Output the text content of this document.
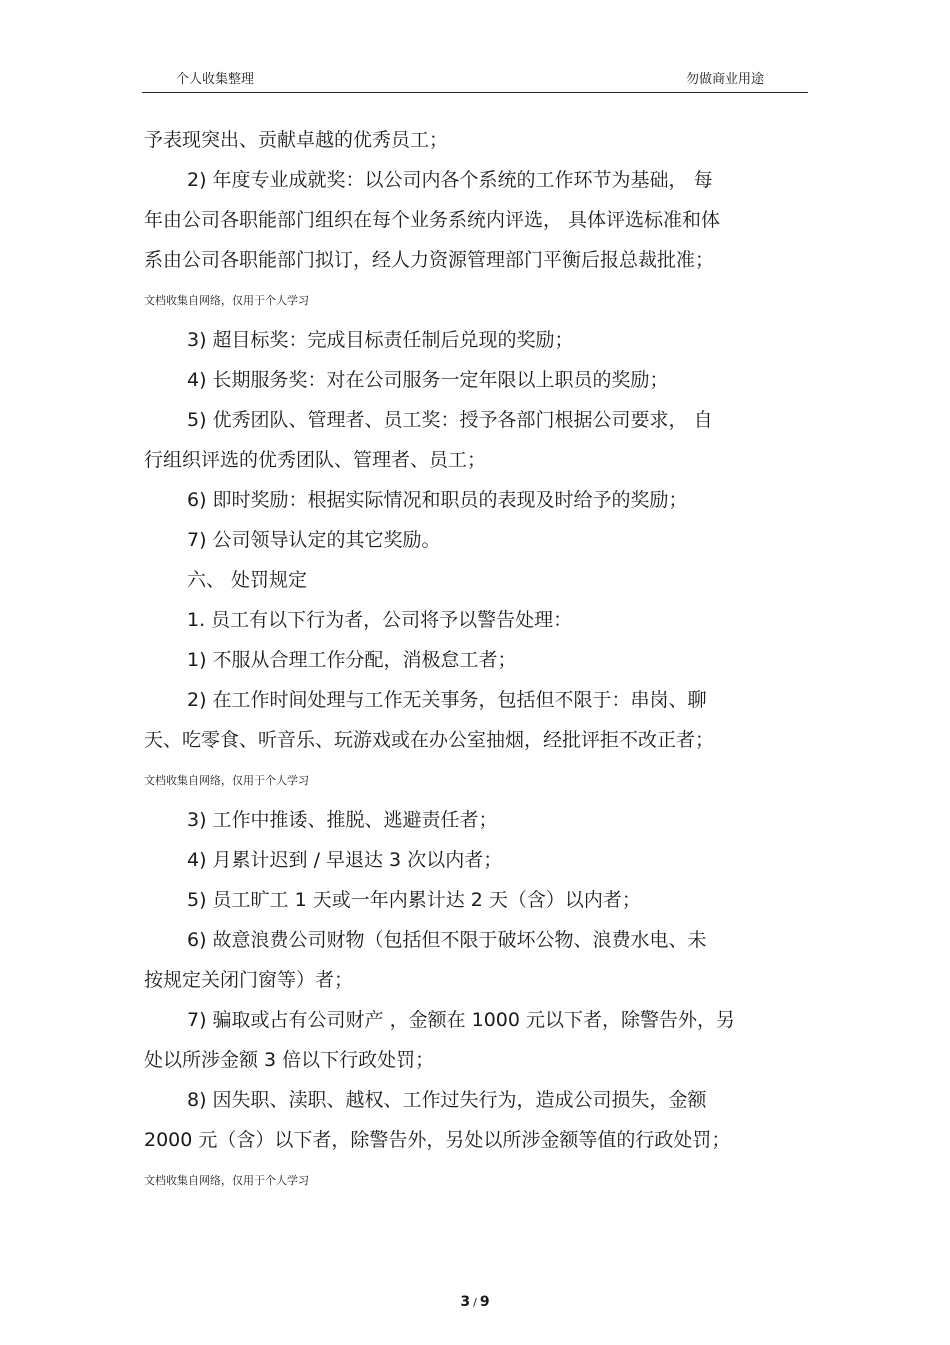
个人收集整理	勿做商业用途
予表现突出、贡献卓越的优秀员工；
2) 年度专业成就奖：以公司内各个系统的工作环节为基础， 每
年由公司各职能部门组织在每个业务系统内评选， 具体评选标准和体
系由公司各职能部门拟订，经人力资源管理部门平衡后报总裁批准；
文档收集自网络，仅用于个人学习
3) 超目标奖：完成目标责任制后兑现的奖励；
4) 长期服务奖：对在公司服务一定年限以上职员的奖励；
5) 优秀团队、管理者、员工奖：授予各部门根据公司要求， 自
行组织评选的优秀团队、管理者、员工；
6) 即时奖励：根据实际情况和职员的表现及时给予的奖励；
7) 公司领导认定的其它奖励。
六、 处罚规定
1. 员工有以下行为者，公司将予以警告处理：
1) 不服从合理工作分配，消极怠工者；
2) 在工作时间处理与工作无关事务，包括但不限于：串岗、聊
天、吃零食、听音乐、玩游戏或在办公室抽烟，经批评拒不改正者；
文档收集自网络，仅用于个人学习
3) 工作中推诿、推脱、逃避责任者；
4) 月累计迟到 / 早退达 3 次以内者；
5) 员工旷工 1 天或一年内累计达 2 天（含）以内者；
6) 故意浪费公司财物（包括但不限于破坏公物、浪费水电、未
按规定关闭门窗等）者；
7) 骗取或占有公司财产 ，金额在 1000 元以下者，除警告外，另
处以所涉金额 3 倍以下行政处罚；
8) 因失职、渎职、越权、工作过失行为，造成公司损失，金额
2000 元（含）以下者，除警告外，另处以所涉金额等值的行政处罚；
文档收集自网络，仅用于个人学习
3 / 9
